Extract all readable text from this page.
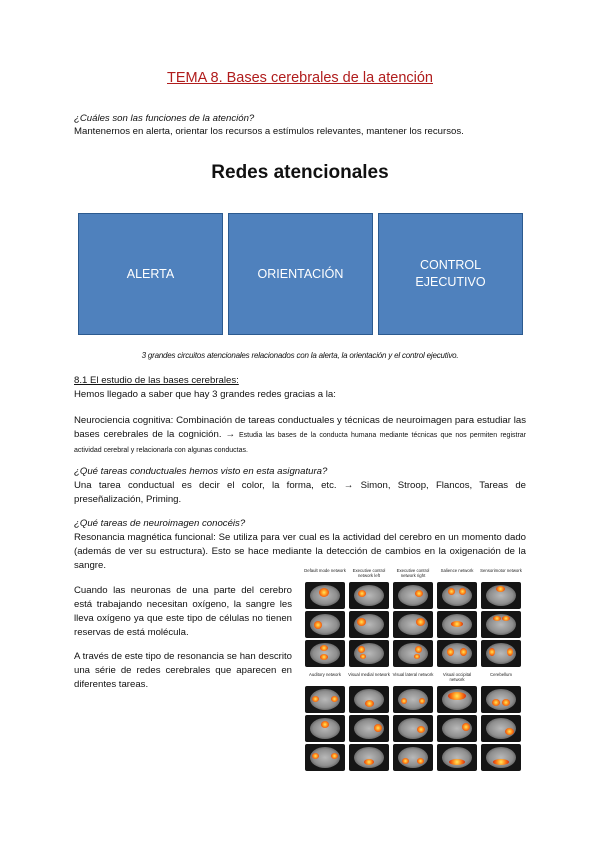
TEMA 8. Bases cerebrales de la atención
¿Cuáles son las funciones de la atención?
Mantenernos en alerta, orientar los recursos a estímulos relevantes, mantener los recursos.
Redes atencionales
ALERTA	ORIENTACIÓN
CONTROL
EJECUTIVO
3 grandes circuitos atencionales relacionados con la alerta, la orientación y el control ejecutivo.
8.1 El estudio de las bases cerebrales:
Hemos llegado a saber que hay 3 grandes redes gracias a la:
Neurociencia cognitiva: Combinación de tareas conductuales y técnicas de neuroimagen para estudiar las bases cerebrales de la cognición. → Estudia las bases de la conducta humana mediante técnicas que nos permiten registrar actividad cerebral y relacionarla con algunas conductas.
¿Qué tareas conductuales hemos visto en esta asignatura?
Una tarea conductual es decir el color, la forma, etc. → Simon, Stroop, Flancos, Tareas de preseñalización, Priming.
¿Qué tareas de neuroimagen conocéis?
Resonancia magnética funcional: Se utiliza para ver cual es la actividad del cerebro en un momento dado (además de ver su estructura). Esto se hace mediante la detección de cambios en la oxigenación de la sangre.
Cuando las neuronas de una parte del cerebro está trabajando necesitan oxígeno, la sangre les lleva oxígeno ya que este tipo de células no tienen reservas de está molécula.
A través de este tipo de resonancia se han descrito una série de redes cerebrales que aparecen en diferentes tareas.
Default mode network	Executive control network left
Executive control network right
Salience network	Sensorimotor network
Auditory network	Visual medial network Visual lateral network	Visual occipital network
Cerebellum
